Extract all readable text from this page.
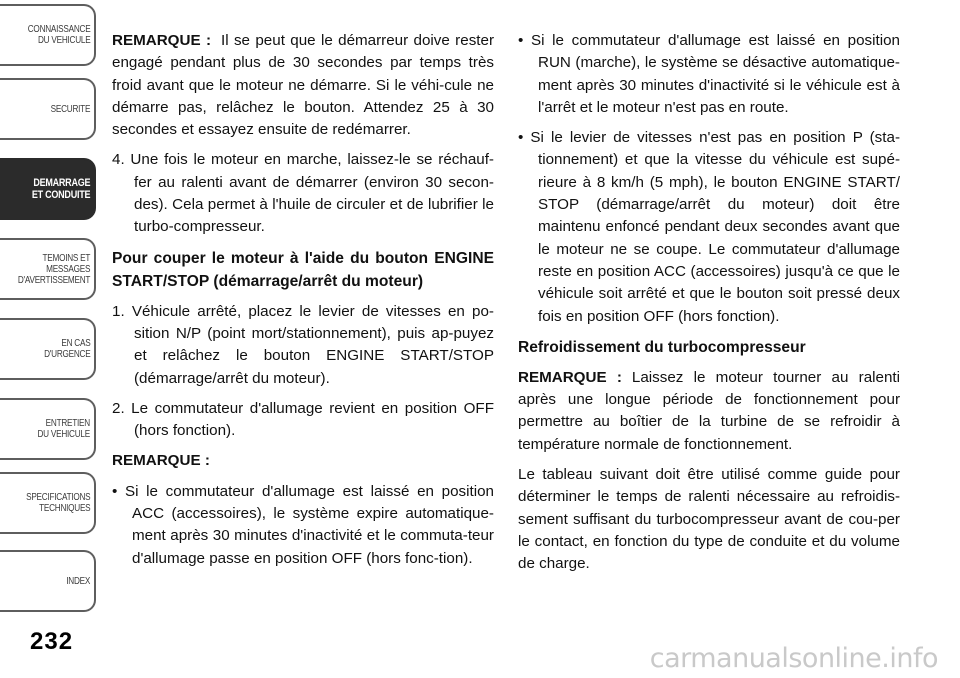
CONNAISSANCE
DU VEHICULE
SECURITE
DEMARRAGE
ET CONDUITE
TEMOINS ET
MESSAGES
D'AVERTISSEMENT
EN CAS
D'URGENCE
ENTRETIEN
DU VEHICULE
SPECIFICATIONS
TECHNIQUES
INDEX
232

REMARQUE : Il se peut que le démarreur doive rester engagé pendant plus de 30 secondes par temps très froid avant que le moteur ne démarre. Si le véhi-cule ne démarre pas, relâchez le bouton. Attendez 25 à 30 secondes et essayez ensuite de redémarrer.

4. Une fois le moteur en marche, laissez-le se réchauf-fer au ralenti avant de démarrer (environ 30 secon-des). Cela permet à l'huile de circuler et de lubrifier le turbo-compresseur.

Pour couper le moteur à l'aide du bouton ENGINE START/STOP (démarrage/arrêt du moteur)

1. Véhicule arrêté, placez le levier de vitesses en po-sition N/P (point mort/stationnement), puis ap-puyez et relâchez le bouton ENGINE START/STOP (démarrage/arrêt du moteur).

2. Le commutateur d'allumage revient en position OFF (hors fonction).

REMARQUE :

• Si le commutateur d'allumage est laissé en position ACC (accessoires), le système expire automatique-ment après 30 minutes d'inactivité et le commuta-teur d'allumage passe en position OFF (hors fonc-tion).

• Si le commutateur d'allumage est laissé en position RUN (marche), le système se désactive automatique-ment après 30 minutes d'inactivité si le véhicule est à l'arrêt et le moteur n'est pas en route.

• Si le levier de vitesses n'est pas en position P (sta-tionnement) et que la vitesse du véhicule est supé-rieure à 8 km/h (5 mph), le bouton ENGINE START/ STOP (démarrage/arrêt du moteur) doit être maintenu enfoncé pendant deux secondes avant que le moteur ne se coupe. Le commutateur d'allumage reste en position ACC (accessoires) jusqu'à ce que le véhicule soit arrêté et que le bouton soit pressé deux fois en position OFF (hors fonction).

Refroidissement du turbocompresseur

REMARQUE : Laissez le moteur tourner au ralenti après une longue période de fonctionnement pour permettre au boîtier de la turbine de se refroidir à température normale de fonctionnement.

Le tableau suivant doit être utilisé comme guide pour déterminer le temps de ralenti nécessaire au refroidis-sement suffisant du turbocompresseur avant de cou-per le contact, en fonction du type de conduite et du volume de charge.

carmanualsonline.info
